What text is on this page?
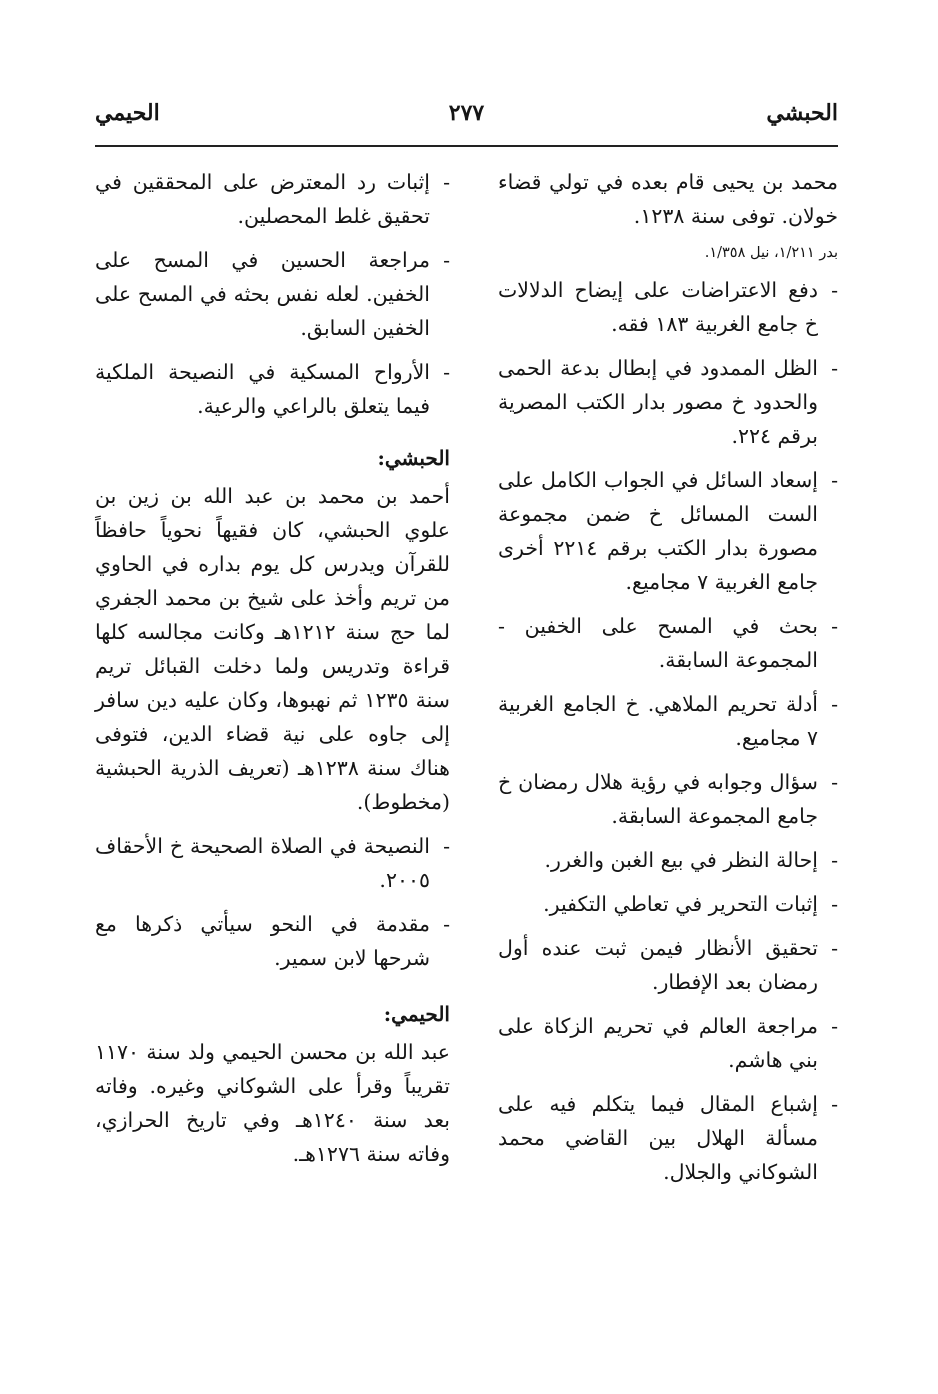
الحبشي
٢٧٧
الحيمي

محمد بن يحيى قام بعده في تولي قضاء خولان. توفى سنة ١٢٣٨.

بدر ١/٢١١، نيل ١/٣٥٨.

-
دفع الاعتراضات على إيضاح الدلالات خ جامع الغربية ١٨٣ فقه.
-
الظل الممدود في إبطال بدعة الحمى والحدود خ مصور بدار الكتب المصرية برقم ٢٢٤.
-
إسعاد السائل في الجواب الكامل على الست المسائل خ ضمن مجموعة مصورة بدار الكتب برقم ٢٢١٤ أخرى جامع الغربية ٧ مجاميع.
-
بحث في المسح على الخفين - المجموعة السابقة.
-
أدلة تحريم الملاهي. خ الجامع الغربية ٧ مجاميع.
-
سؤال وجوابه في رؤية هلال رمضان خ جامع المجموعة السابقة.
-
إحالة النظر في بيع الغبن والغرر.
-
إثبات التحرير في تعاطي التكفير.
-
تحقيق الأنظار فيمن ثبت عنده أول رمضان بعد الإفطار.
-
مراجعة العالم في تحريم الزكاة على بني هاشم.
-
إشباع المقال فيما يتكلم فيه على مسألة الهلال بين القاضي محمد الشوكاني والجلال.
-
إثبات رد المعترض على المحققين في تحقيق غلط المحصلين.
-
مراجعة الحسين في المسح على الخفين. لعله نفس بحثه في المسح على الخفين السابق.
-
الأرواح المسكية في النصيحة الملكية فيما يتعلق بالراعي والرعية.
الحبشي:

أحمد بن محمد بن عبد الله بن زين بن علوي الحبشي، كان فقيهاً نحوياً حافظاً للقرآن ويدرس كل يوم بداره في الحاوي من تريم وأخذ على شيخ بن محمد الجفري لما حج سنة ١٢١٢هـ وكانت مجالسه كلها قراءة وتدريس ولما دخلت القبائل تريم سنة ١٢٣٥ ثم نهبوها، وكان عليه دين سافر إلى جاوه على نية قضاء الدين، فتوفى هناك سنة ١٢٣٨هـ (تعريف الذرية الحبشية (مخطوط).

-
النصيحة في الصلاة الصحيحة خ الأحقاف ٢٠٠٥.
-
مقدمة في النحو سيأتي ذكرها مع شرحها لابن سمير.
الحيمي:

عبد الله بن محسن الحيمي ولد سنة ١١٧٠ تقريباً وقرأ على الشوكاني وغيره. وفاته بعد سنة ١٢٤٠هـ وفي تاريخ الحرازي، وفاته سنة ١٢٧٦هـ.
